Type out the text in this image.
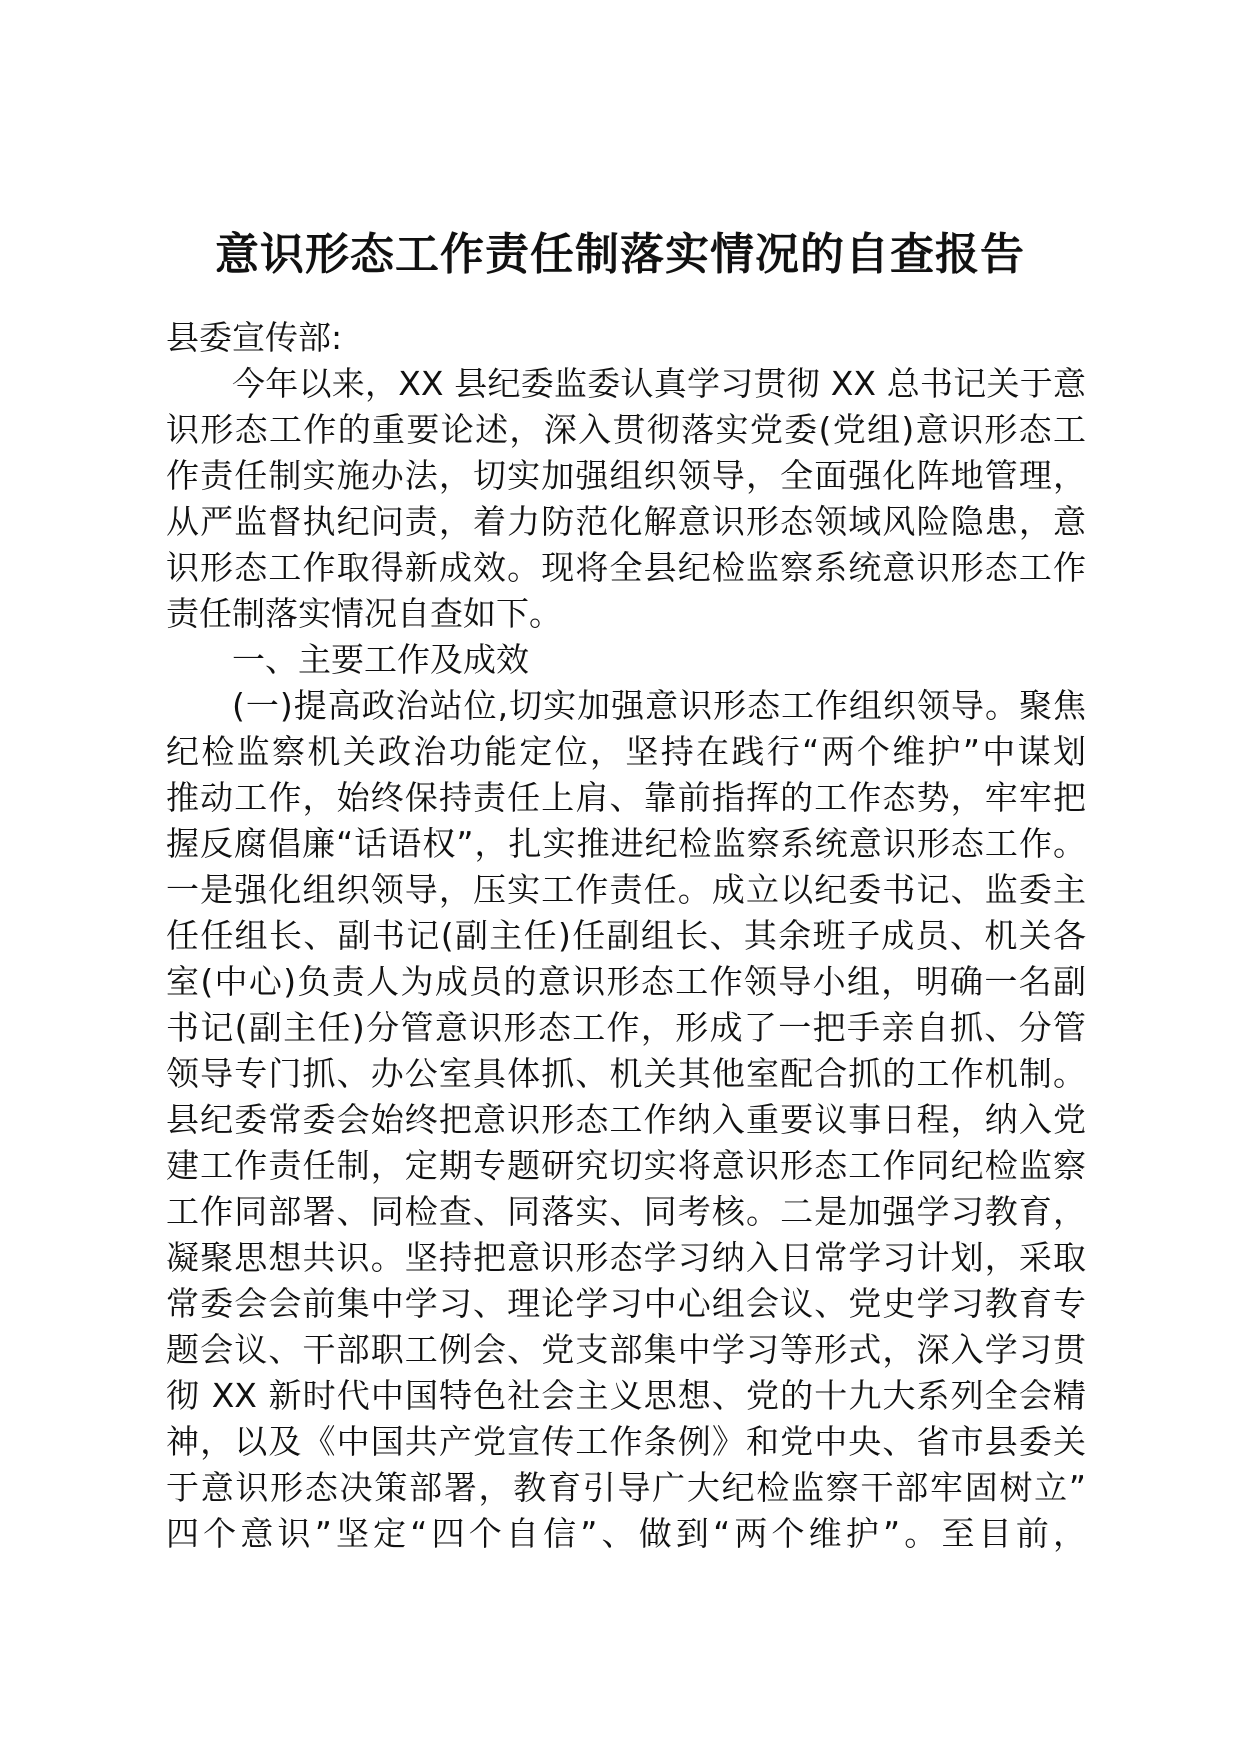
意识形态工作责任制落实情况的自查报告
县委宣传部:
今年以来，XX 县纪委监委认真学习贯彻 XX 总书记关于意
识形态工作的重要论述，深入贯彻落实党委(党组)意识形态工
作责任制实施办法，切实加强组织领导，全面强化阵地管理，
从严监督执纪问责，着力防范化解意识形态领域风险隐患，意
识形态工作取得新成效。现将全县纪检监察系统意识形态工作
责任制落实情况自查如下。
一、主要工作及成效
(一)提高政治站位,切实加强意识形态工作组织领导。聚焦
纪检监察机关政治功能定位，坚持在践行“两个维护”中谋划
推动工作，始终保持责任上肩、靠前指挥的工作态势，牢牢把
握反腐倡廉“话语权”，扎实推进纪检监察系统意识形态工作。
一是强化组织领导，压实工作责任。成立以纪委书记、监委主
任任组长、副书记(副主任)任副组长、其余班子成员、机关各
室(中心)负责人为成员的意识形态工作领导小组，明确一名副
书记(副主任)分管意识形态工作，形成了一把手亲自抓、分管
领导专门抓、办公室具体抓、机关其他室配合抓的工作机制。
县纪委常委会始终把意识形态工作纳入重要议事日程，纳入党
建工作责任制，定期专题研究切实将意识形态工作同纪检监察
工作同部署、同检查、同落实、同考核。二是加强学习教育，
凝聚思想共识。坚持把意识形态学习纳入日常学习计划，采取
常委会会前集中学习、理论学习中心组会议、党史学习教育专
题会议、干部职工例会、党支部集中学习等形式，深入学习贯
彻 XX 新时代中国特色社会主义思想、党的十九大系列全会精
神，以及《中国共产党宣传工作条例》和党中央、省市县委关
于意识形态决策部署，教育引导广大纪检监察干部牢固树立”
四个意识”坚定“四个自信”、做到“两个维护”。至目前，
